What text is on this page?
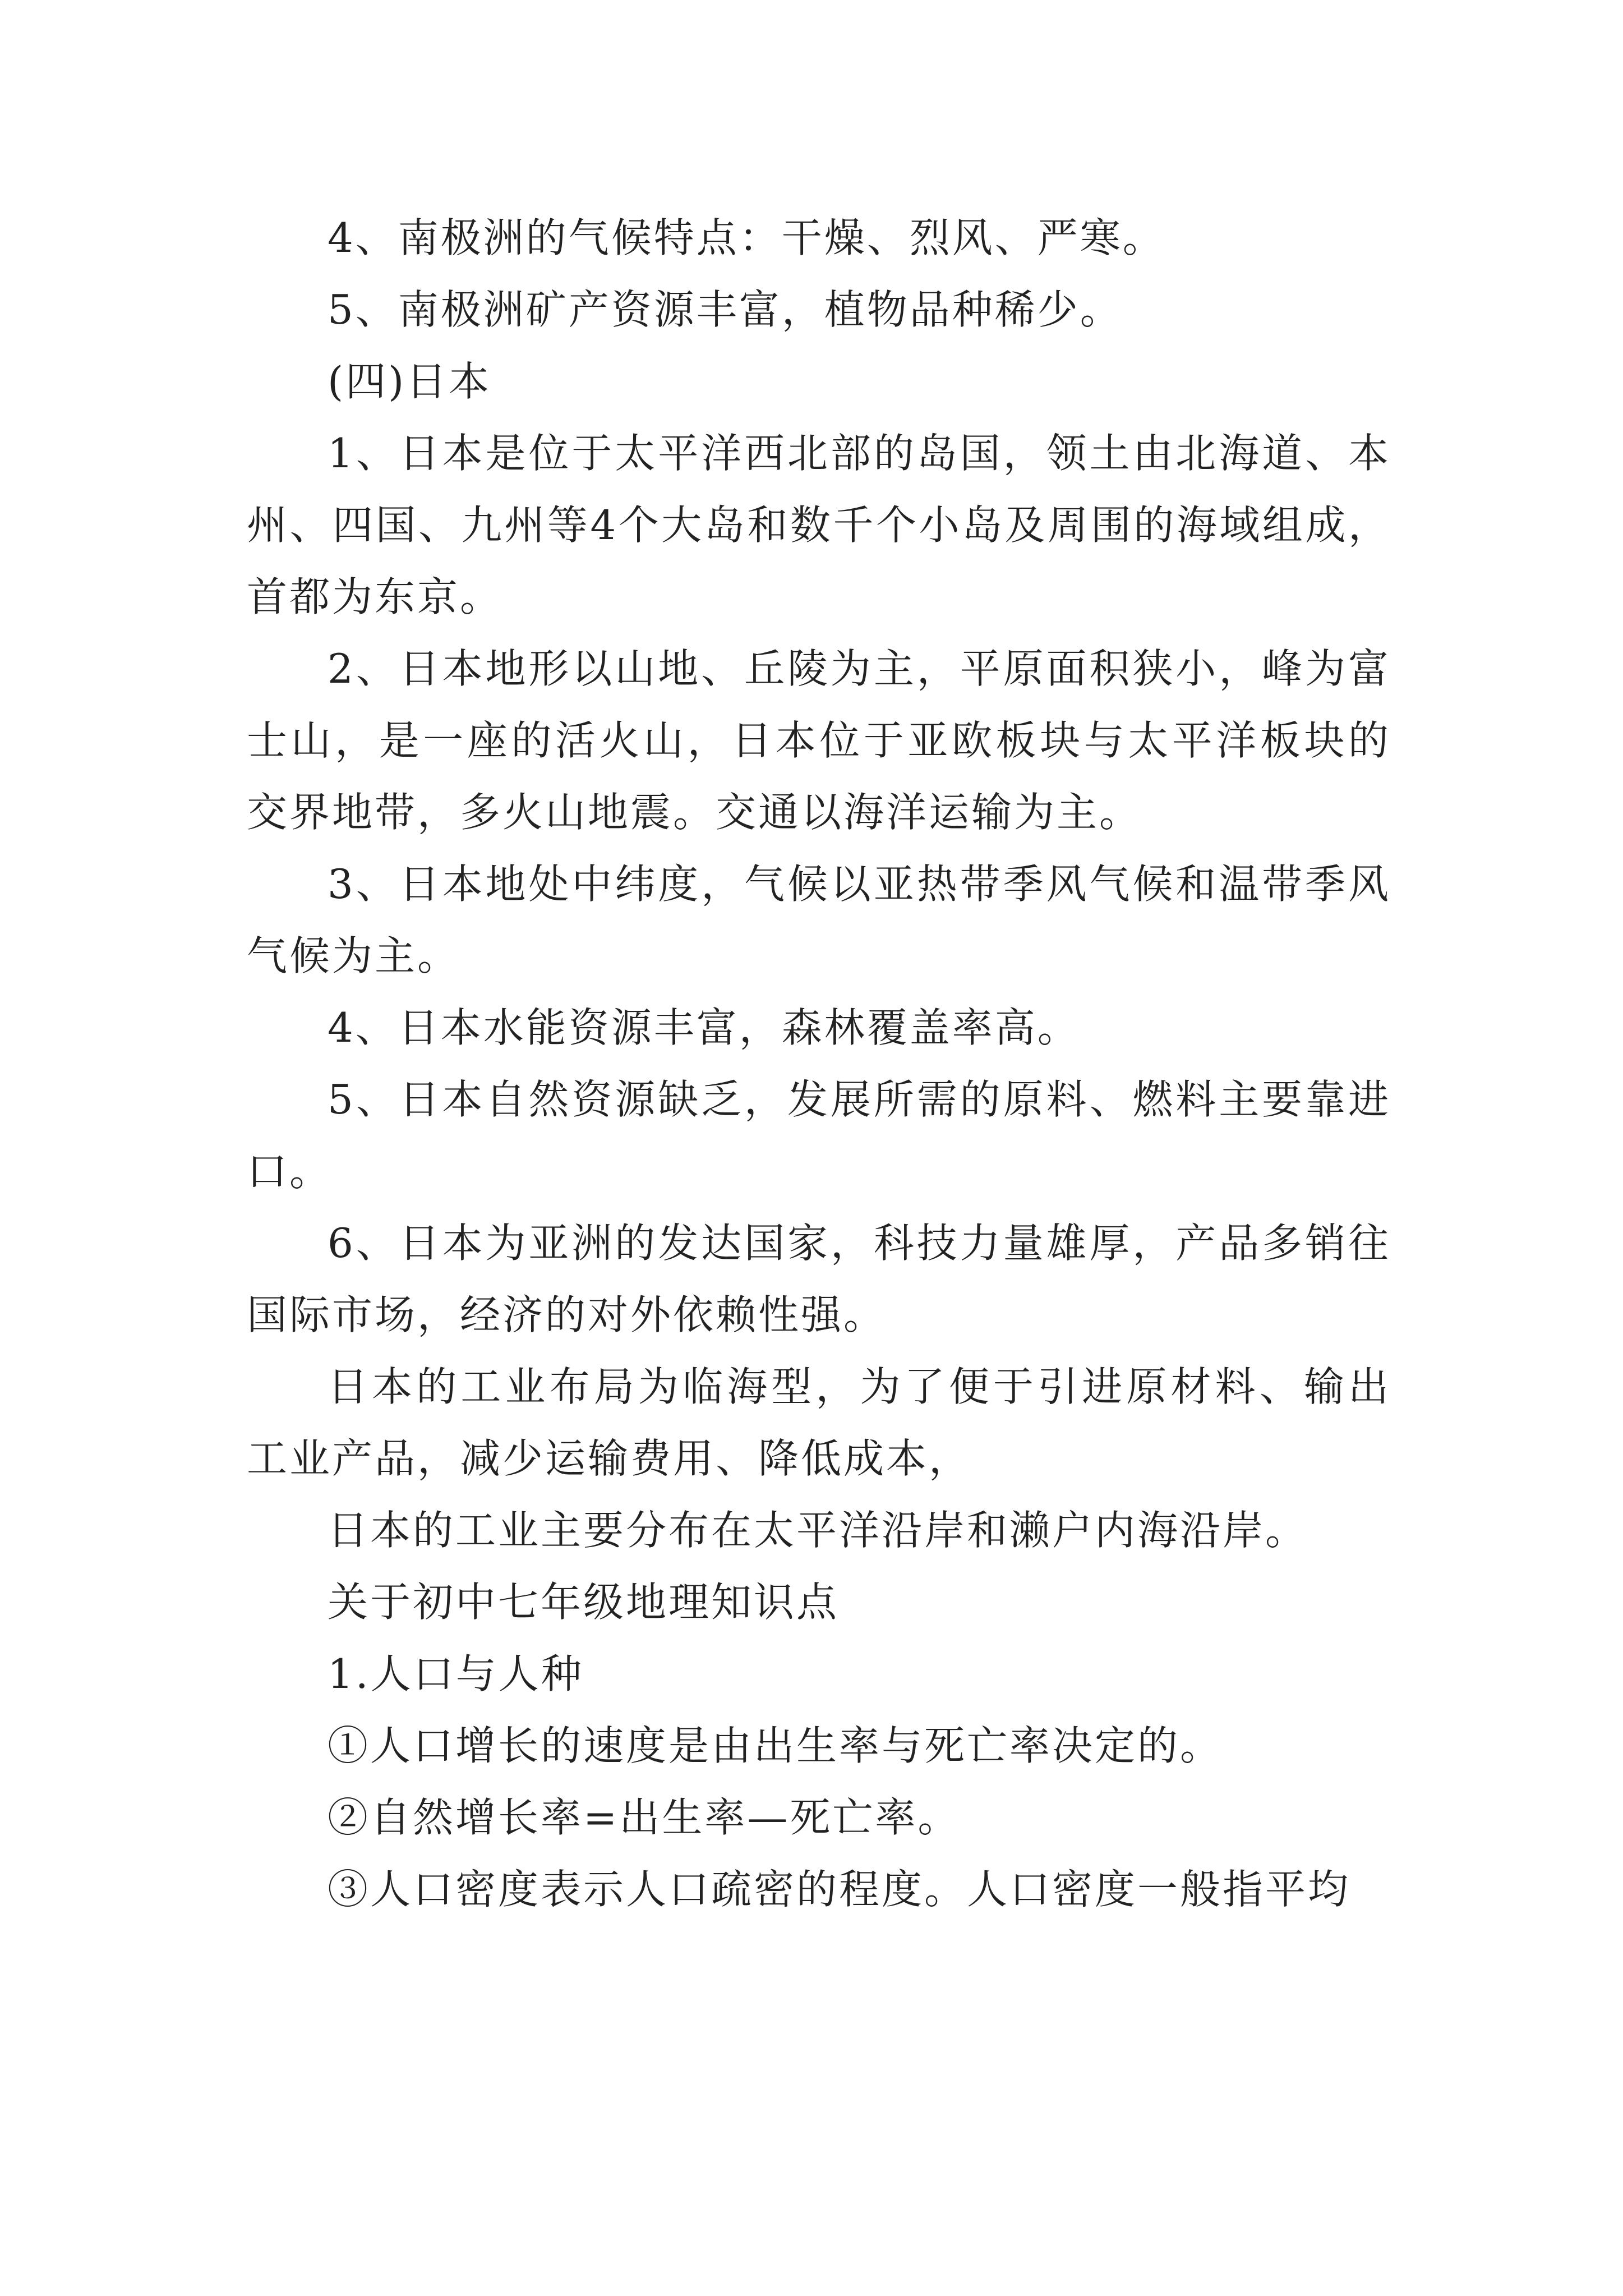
4、南极洲的气候特点：干燥、烈风、严寒。

5、南极洲矿产资源丰富，植物品种稀少。

(四)日本

1、日本是位于太平洋西北部的岛国，领土由北海道、本州、四国、九州等4个大岛和数千个小岛及周围的海域组成，首都为东京。

2、日本地形以山地、丘陵为主，平原面积狭小，峰为富士山，是一座的活火山，日本位于亚欧板块与太平洋板块的交界地带，多火山地震。交通以海洋运输为主。

3、日本地处中纬度，气候以亚热带季风气候和温带季风气候为主。

4、日本水能资源丰富，森林覆盖率高。

5、日本自然资源缺乏，发展所需的原料、燃料主要靠进口。

6、日本为亚洲的发达国家，科技力量雄厚，产品多销往国际市场，经济的对外依赖性强。

日本的工业布局为临海型，为了便于引进原材料、输出工业产品，减少运输费用、降低成本，

日本的工业主要分布在太平洋沿岸和濑户内海沿岸。

关于初中七年级地理知识点

1.人口与人种

①人口增长的速度是由出生率与死亡率决定的。

②自然增长率=出生率—死亡率。

③人口密度表示人口疏密的程度。人口密度一般指平均
